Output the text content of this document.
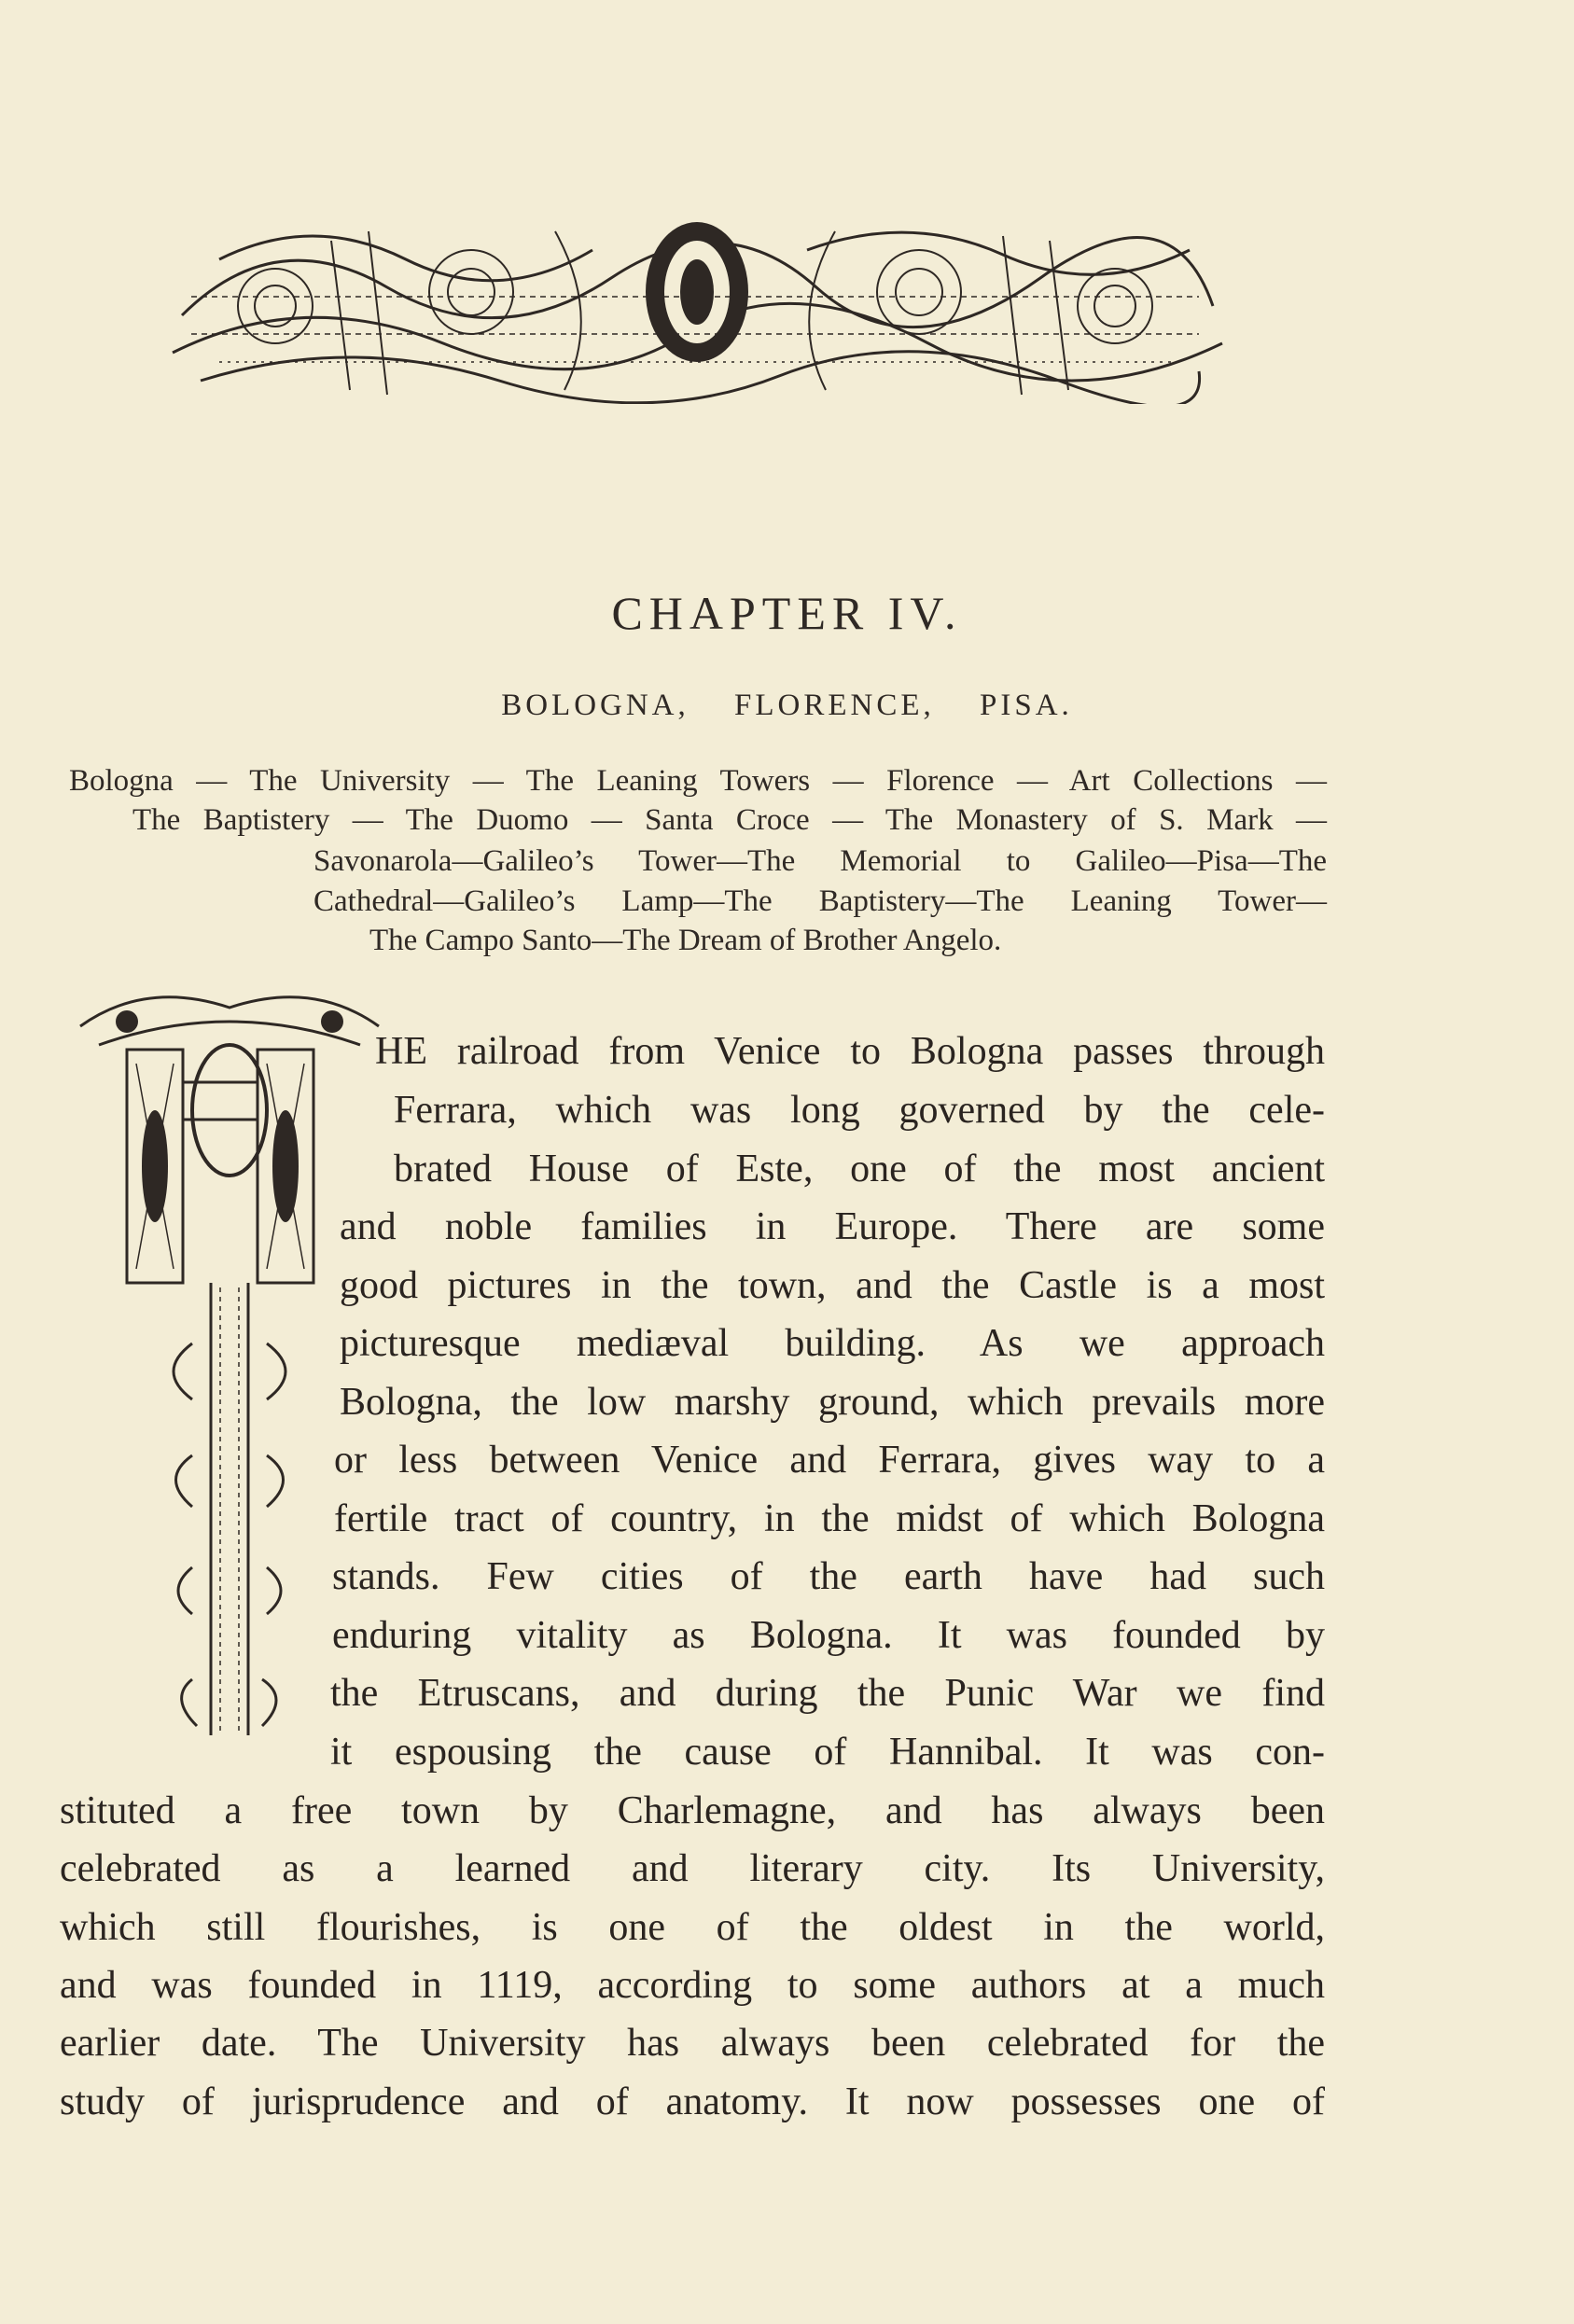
CHAPTER IV.
BOLOGNA, FLORENCE, PISA.
Bologna — The University — The Leaning Towers — Florence — Art Collections —
The Baptistery — The Duomo — Santa Croce — The Monastery of S. Mark —
Savonarola—Galileo’s Tower—The Memorial to Galileo—Pisa—The
Cathedral—Galileo’s Lamp—The Baptistery—The Leaning Tower—
The Campo Santo—The Dream of Brother Angelo.
T
HE railroad from Venice to Bologna passes through
Ferrara, which was long governed by the cele-
brated House of Este, one of the most ancient
and noble families in Europe. There are some
good pictures in the town, and the Castle is a most
picturesque mediæval building. As we approach
Bologna, the low marshy ground, which prevails more
or less between Venice and Ferrara, gives way to a
fertile tract of country, in the midst of which Bologna
stands. Few cities of the earth have had such
enduring vitality as Bologna. It was founded by
the Etruscans, and during the Punic War we find
it espousing the cause of Hannibal. It was con-
stituted a free town by Charlemagne, and has always been
celebrated as a learned and literary city. Its University,
which still flourishes, is one of the oldest in the world,
and was founded in 1119, according to some authors at a much
earlier date. The University has always been celebrated for the
study of jurisprudence and of anatomy. It now possesses one of
